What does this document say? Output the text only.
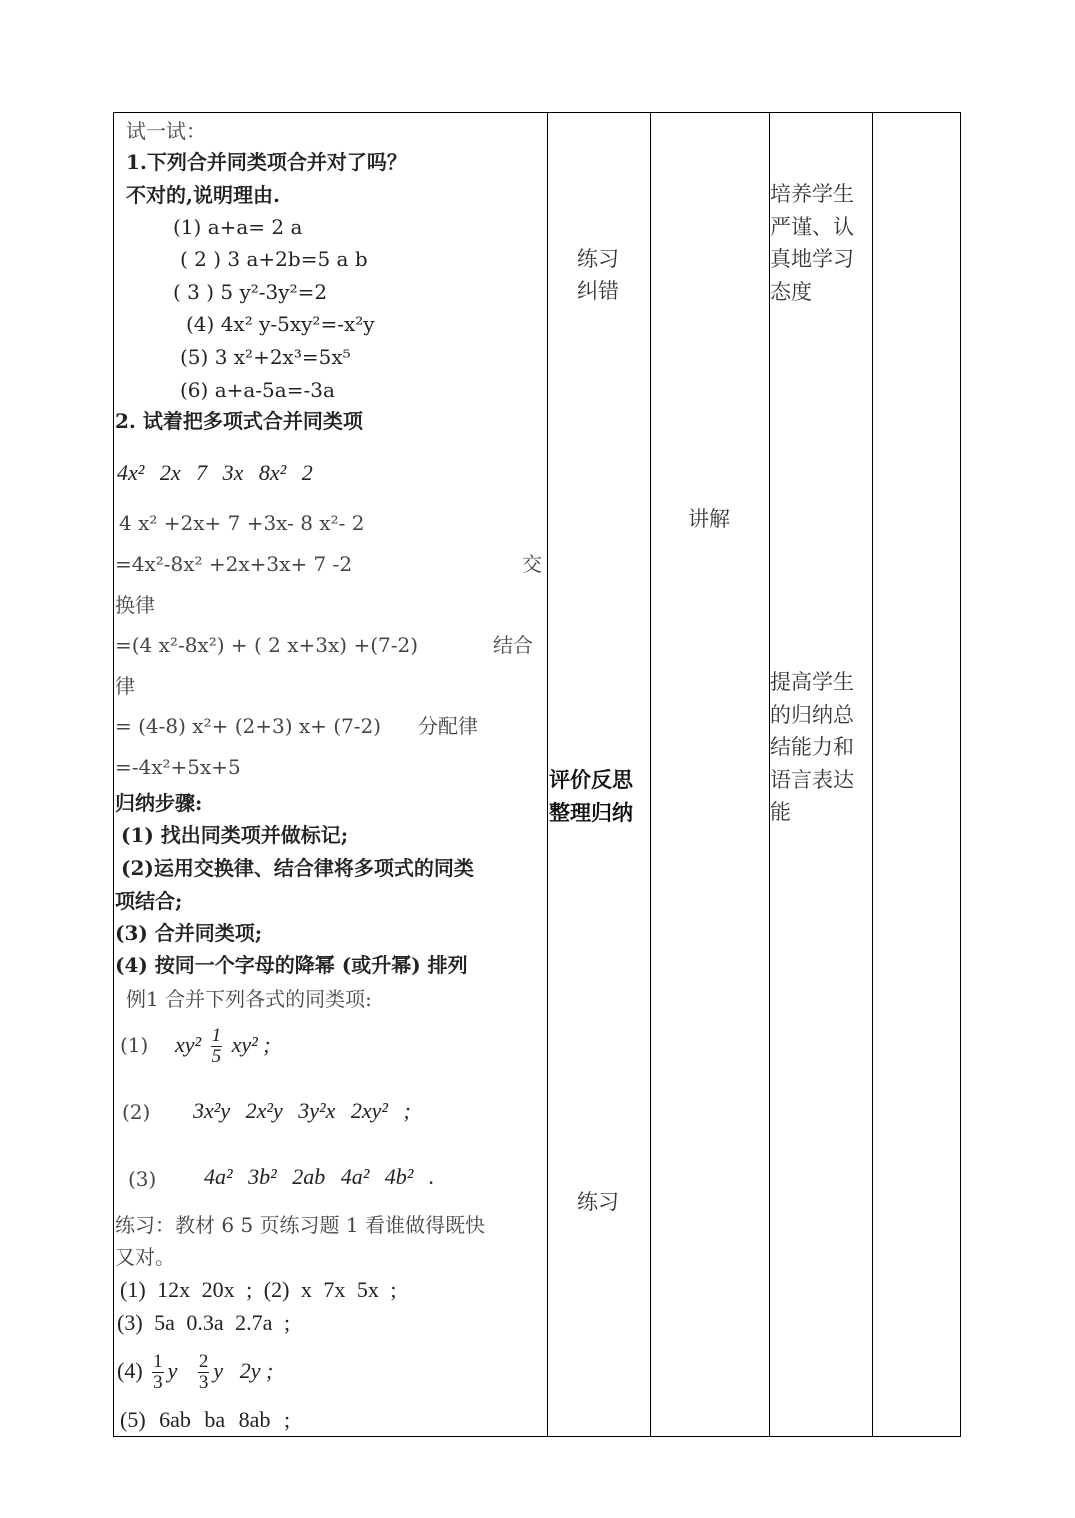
试一试：
1.下列合并同类项合并对了吗？
不对的,说明理由.
(1) a+a= 2 a
( 2 ) 3 a+2b=5 a b
( 3 ) 5 y²-3y²=2
(4) 4x² y-5xy²=-x²y
(5) 3 x²+2x³=5x⁵
(6) a+a-5a=-3a
2. 试着把多项式合并同类项
4x² 2x 7 3x 8x² 2
4 x² +2x+ 7 +3x- 8 x²- 2
=4x²-8x² +2x+3x+ 7 -2	交
换律
=(4 x²-8x²) + ( 2 x+3x) +(7-2)	结合
律
= (4-8) x²+ (2+3) x+ (7-2) 分配律
=-4x²+5x+5
归纳步骤:
(1) 找出同类项并做标记;
(2)运用交换律、结合律将多项式的同类
项结合;
(3) 合并同类项;
(4) 按同一个字母的降幂 (或升幂) 排列
例1 合并下列各式的同类项:
(1) $xy^2 \frac{1}{5} xy^2$ ;
(2) 3x²y 2x²y 3y²x 2xy² ;
(3) 4a² 3b² 2ab 4a² 4b² .
练习：教材 6 5 页练习题 1 看谁做得既快
又对。
(1) 12x 20x ; (2) x 7x 5x ;
(3) 5a 0.3a 2.7a ;
$(4) \frac{1}{3}$ y $\frac{2}{3}$ y 2y ;
(5) 6ab ba 8ab ;
练习
纠错
评价反思
整理归纳
练习
讲解
培养学生
严谨、认
真地学习
态度
提高学生
的归纳总
结能力和
语言表达
能
